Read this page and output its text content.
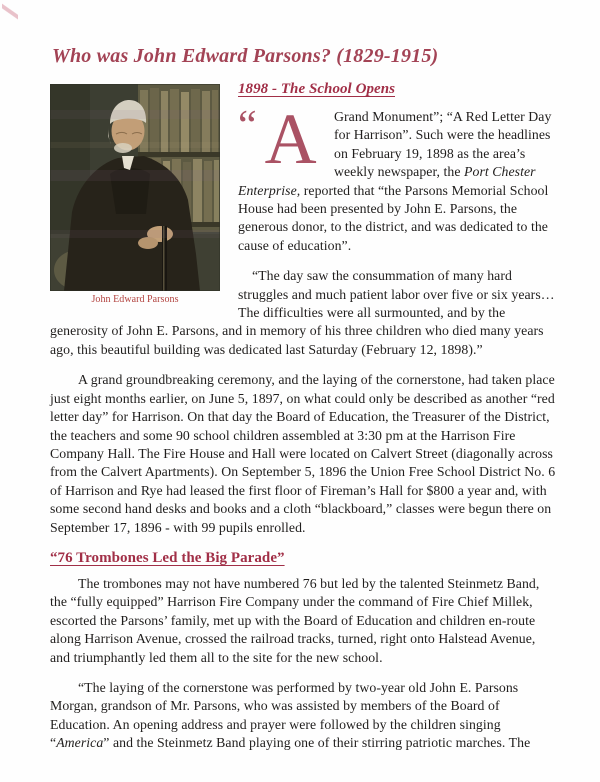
Who was John Edward Parsons? (1829-1915)
John Edward Parsons
1898 - The School Opens

“ A Grand Monument”; “A Red Letter Day for Harrison”. Such were the headlines on February 19, 1898 as the area’s weekly newspaper, the Port Chester Enterprise, reported that “the Parsons Memorial School House had been presented by John E. Parsons, the generous donor, to the district, and was dedicated to the cause of education”.

“The day saw the consummation of many hard struggles and much patient labor over five or six years…The difficulties were all surmounted, and by the generosity of John E. Parsons, and in memory of his three children who died many years ago, this beautiful building was dedicated last Saturday (February 12, 1898).”

A grand groundbreaking ceremony, and the laying of the cornerstone, had taken place just eight months earlier, on June 5, 1897, on what could only be described as another “red letter day” for Harrison. On that day the Board of Education, the Treasurer of the District, the teachers and some 90 school children assembled at 3:30 pm at the Harrison Fire Company Hall. The Fire House and Hall were located on Calvert Street (diagonally across from the Calvert Apartments). On September 5, 1896 the Union Free School District No. 6 of Harrison and Rye had leased the first floor of Fireman’s Hall for $800 a year and, with some second hand desks and books and a cloth “blackboard,” classes were begun there on September 17, 1896 - with 99 pupils enrolled.

“76 Trombones Led the Big Parade”

The trombones may not have numbered 76 but led by the talented Steinmetz Band, the “fully equipped” Harrison Fire Company under the command of Fire Chief Millek, escorted the Parsons’ family, met up with the Board of Education and children en-route along Harrison Avenue, crossed the railroad tracks, turned, right onto Halstead Avenue, and triumphantly led them all to the site for the new school.

“The laying of the cornerstone was performed by two-year old John E. Parsons Morgan, grandson of Mr. Parsons, who was assisted by members of the Board of Education. An opening address and prayer were followed by the children singing “America” and the Steinmetz Band playing one of their stirring patriotic marches. The
